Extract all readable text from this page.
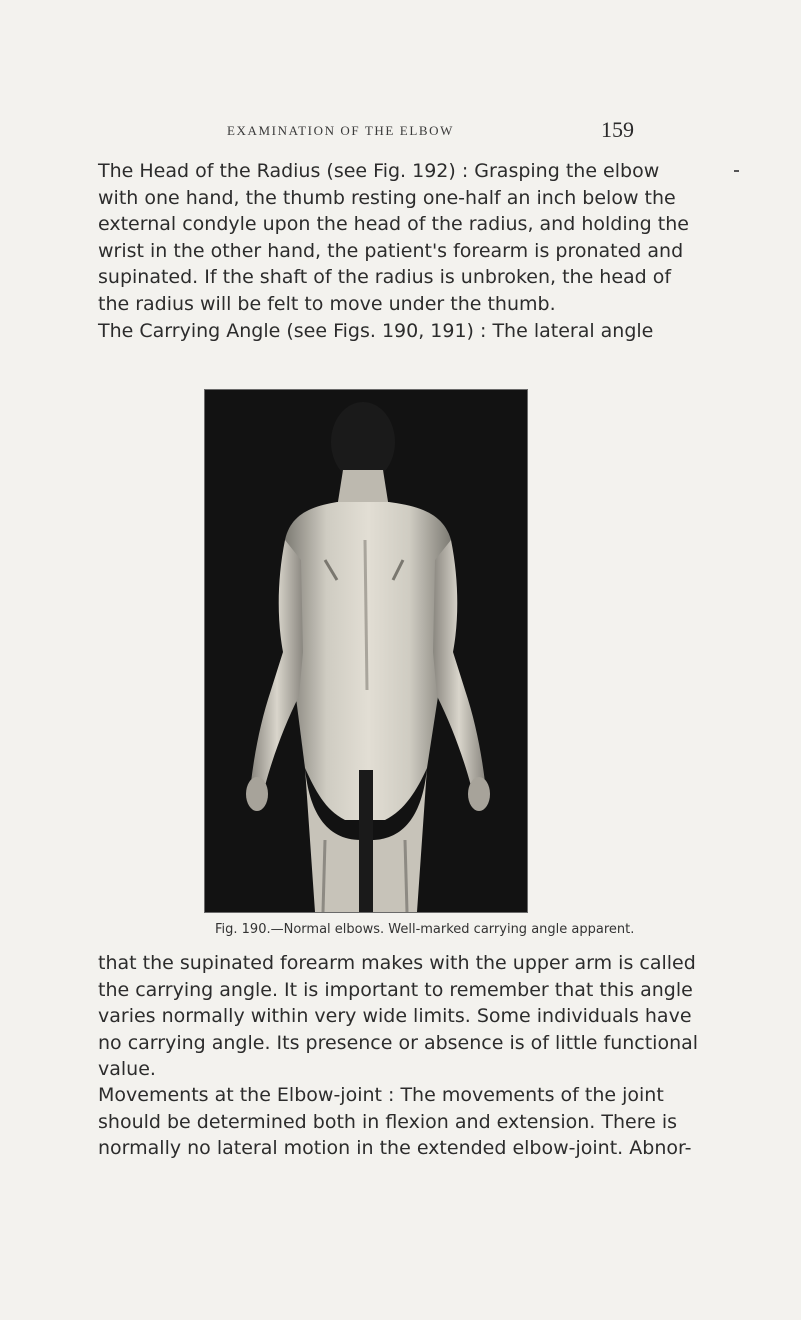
EXAMINATION OF THE ELBOW	159

The Head of the Radius (see Fig. 192) : Grasping the elbow
with one hand, the thumb resting one-half an inch below the
external condyle upon the head of the radius, and holding the
wrist in the other hand, the patient's forearm is pronated and
supinated. If the shaft of the radius is unbroken, the head of
the radius will be felt to move under the thumb.

The Carrying Angle (see Figs. 190, 191) : The lateral angle

Fig. 190.—Normal elbows. Well-marked carrying angle apparent.

that the supinated forearm makes with the upper arm is called
the carrying angle. It is important to remember that this angle
varies normally within very wide limits. Some individuals have
no carrying angle. Its presence or absence is of little functional
value.

Movements at the Elbow-joint : The movements of the joint
should be determined both in flexion and extension. There is
normally no lateral motion in the extended elbow-joint. Abnor-
